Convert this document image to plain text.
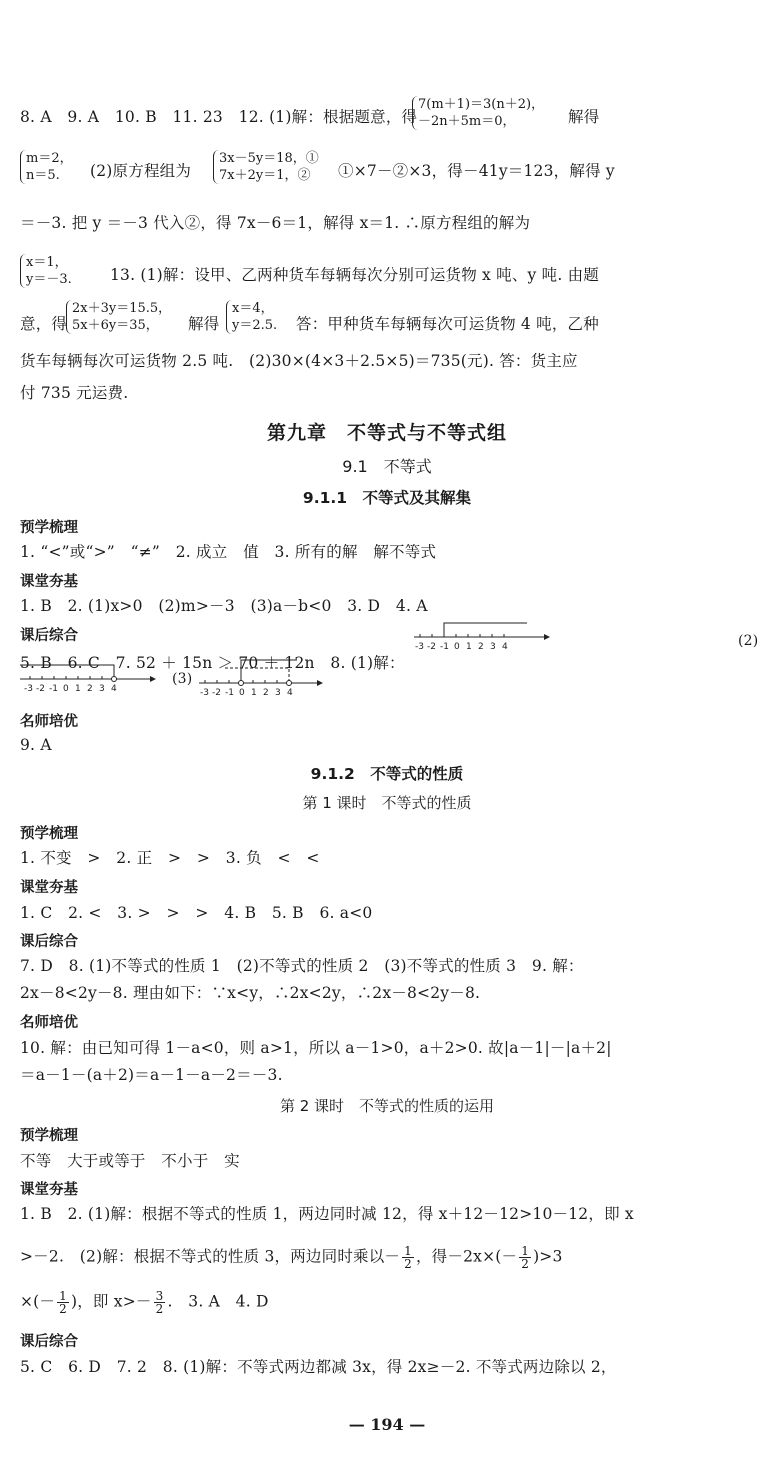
8. A　9. A　10. B　11. 23　12. (1)解：根据题意，得
7(m＋1)＝3(n＋2)，
－2n＋5m＝0，	解得
m＝2，
n＝5.	(2)原方程组为
3x－5y＝18，①
7x＋2y＝1，②	①×7－②×3，得－41y＝123，解得 y
＝－3. 把 y ＝－3 代入②，得 7x－6＝1，解得 x＝1. ∴原方程组的解为
x＝1，
y＝－3. 13. (1)解：设甲、乙两种货车每辆每次分别可运货物 x 吨、y 吨. 由题
意，得
2x＋3y＝15.5，
5x＋6y＝35，	解得
x＝4，
y＝2.5. 答：甲种货车每辆每次可运货物 4 吨，乙种
货车每辆每次可运货物 2.5 吨.　(2)30×(4×3＋2.5×5)＝735(元). 答：货主应
付 735 元运费.
第九章　不等式与不等式组
9.1　不等式
9.1.1　不等式及其解集
预学梳理
1. “<”或“>”　“≠”　2. 成立　值　3. 所有的解　解不等式
课堂夯基
1. B　2. (1)x>0　(2)m>－3　(3)a－b<0　3. D　4. A
课后综合
5. B　6. C　7. 52 ＋ 15n ＞ 70 ＋ 12n　8. (1)解：
-3 -2 -1 0 1 2 3 4	(2)
-3 -2 -1 0 1 2 3 4
(3)
-3 -2 -1 0 1 2 3 4
名师培优
9. A
9.1.2　不等式的性质
第 1 课时　不等式的性质
预学梳理
1. 不变　>　2. 正　>　>　3. 负　<　<
课堂夯基
1. C　2. <　3. >　>　>　4. B　5. B　6. a<0
课后综合
7. D　8. (1)不等式的性质 1　(2)不等式的性质 2　(3)不等式的性质 3　9. 解：
2x－8<2y－8. 理由如下：∵x<y，∴2x<2y，∴2x－8<2y－8.
名师培优
10. 解：由已知可得 1－a<0，则 a>1，所以 a－1>0，a＋2>0. 故|a－1|－|a＋2|
＝a－1－(a＋2)＝a－1－a－2＝－3.
第 2 课时　不等式的性质的运用
预学梳理
不等　大于或等于　不小于　实
课堂夯基
1. B　2. (1)解：根据不等式的性质 1，两边同时减 12，得 x＋12－12>10－12，即 x
>－2.　(2)解：根据不等式的性质 3，两边同时乘以－ $\frac{1}{2}$ ，得$-2x\times(- \frac{1}{2} )>3$
×(－ $\frac{1}{2}$ )，即 $x>- \frac{3}{2}$ .　3. A　4. D
课后综合
5. C　6. D　7. 2　8. (1)解：不等式两边都减 3x，得 2x≥－2. 不等式两边除以 2，
— 194 —
